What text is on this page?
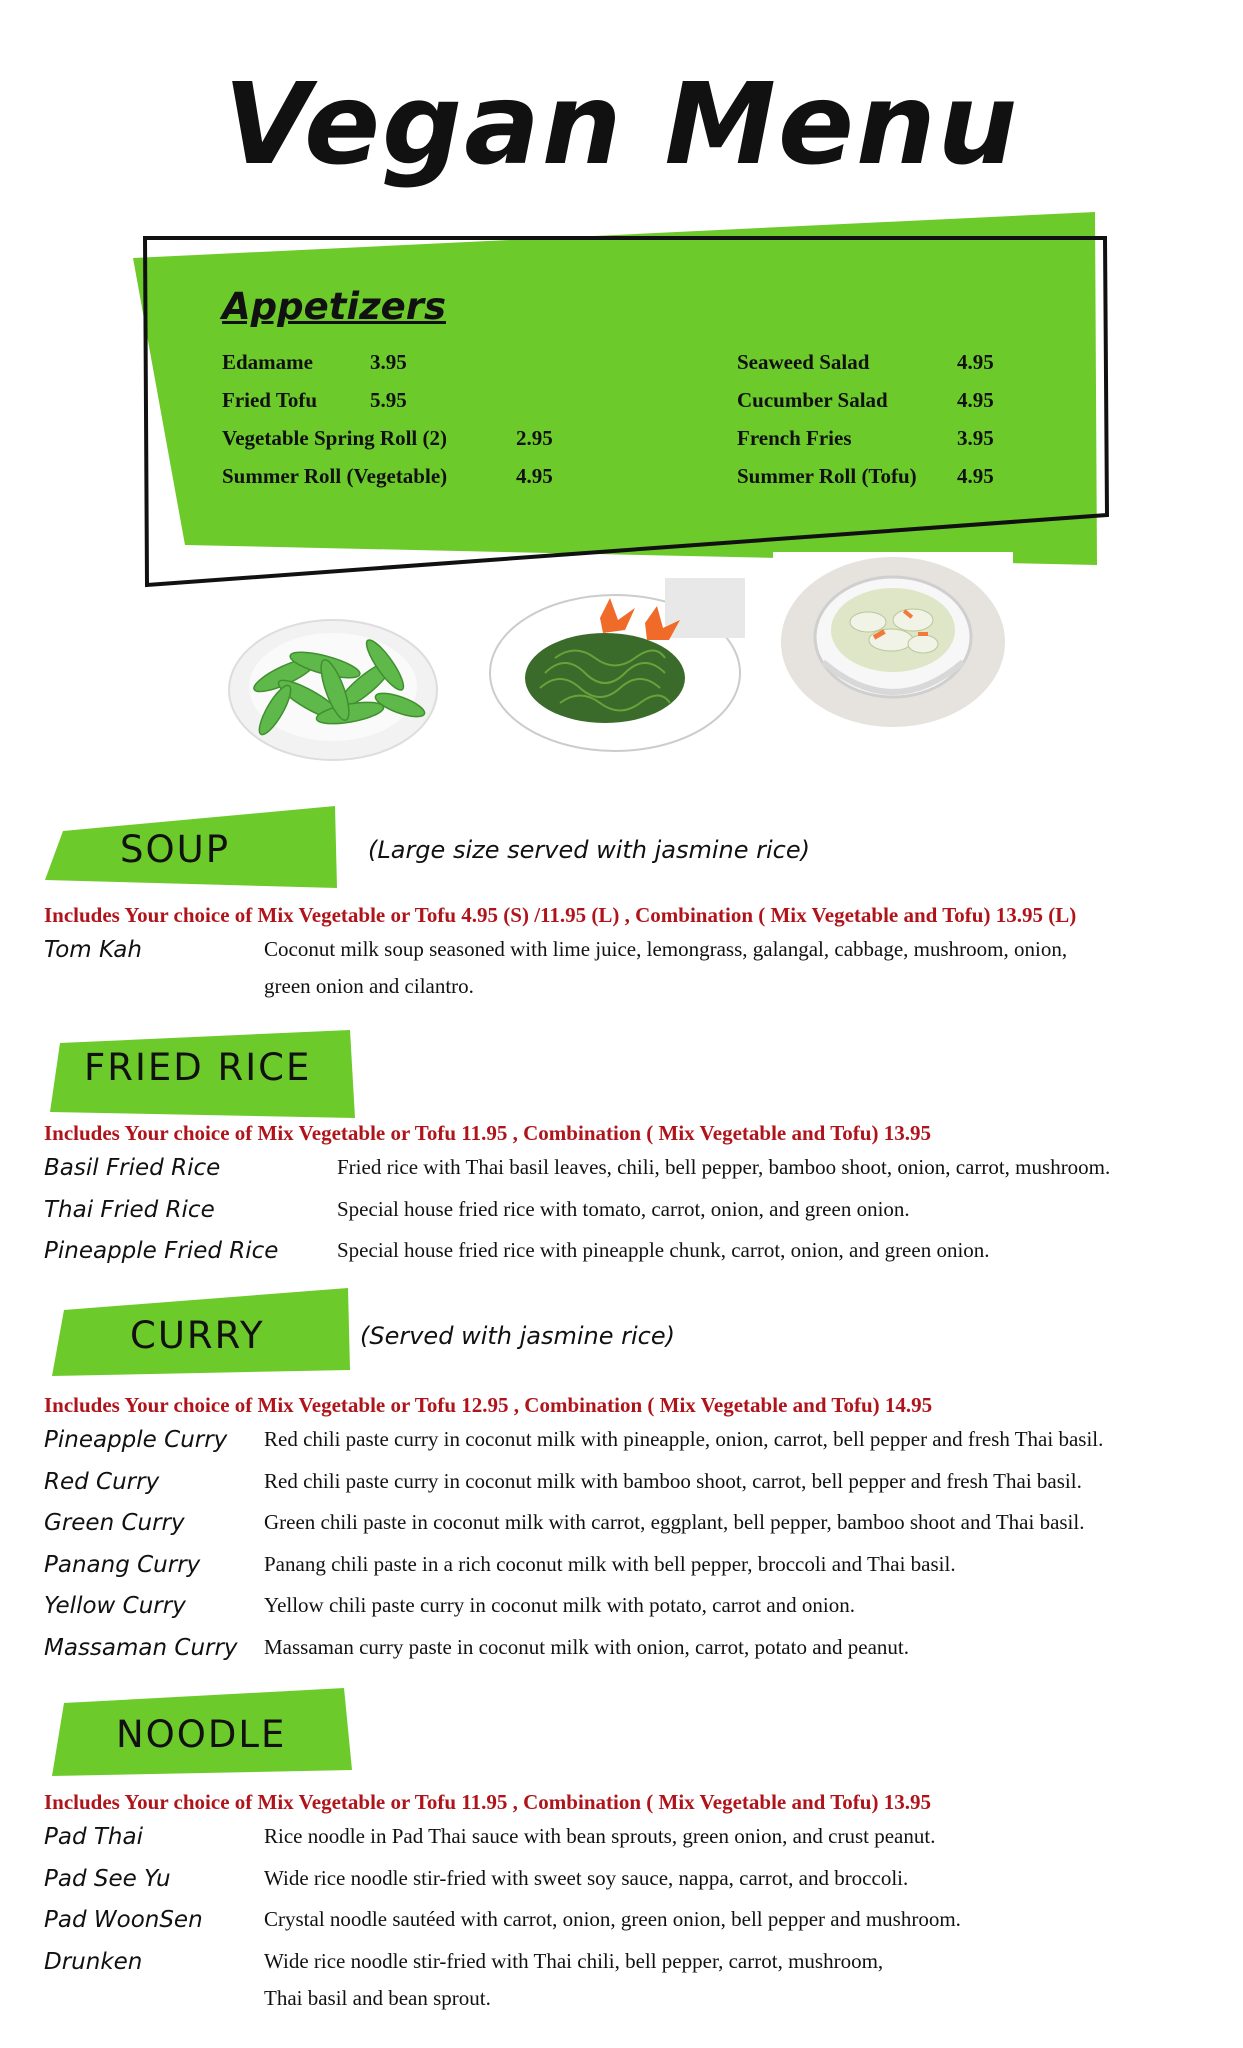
Vegan Menu
Appetizers
Edamame	3.95
Fried Tofu	5.95
Vegetable Spring Roll (2)	2.95
Summer Roll (Vegetable)	4.95
Seaweed Salad	4.95
Cucumber Salad	4.95
French Fries	3.95
Summer Roll (Tofu) 4.95
SOUP	(Large size served with jasmine rice)
Includes Your choice of Mix Vegetable or Tofu 4.95 (S) /11.95 (L) , Combination ( Mix Vegetable and Tofu) 13.95 (L)
Tom Kah	Coconut milk soup seasoned with lime juice, lemongrass, galangal, cabbage, mushroom, onion,
green onion and cilantro.
FRIED RICE
Includes Your choice of Mix Vegetable or Tofu 11.95 , Combination ( Mix Vegetable and Tofu) 13.95
Basil Fried Rice	Fried rice with Thai basil leaves, chili, bell pepper, bamboo shoot, onion, carrot, mushroom.
Thai Fried Rice	Special house fried rice with tomato, carrot, onion, and green onion.
Pineapple Fried Rice	Special house fried rice with pineapple chunk, carrot, onion, and green onion.
CURRY	(Served with jasmine rice)
Includes Your choice of Mix Vegetable or Tofu 12.95 , Combination ( Mix Vegetable and Tofu) 14.95
Pineapple Curry Red chili paste curry in coconut milk with pineapple, onion, carrot, bell pepper and fresh Thai basil.
Red Curry	Red chili paste curry in coconut milk with bamboo shoot, carrot, bell pepper and fresh Thai basil.
Green Curry	Green chili paste in coconut milk with carrot, eggplant, bell pepper, bamboo shoot and Thai basil.
Panang Curry	Panang chili paste in a rich coconut milk with bell pepper, broccoli and Thai basil.
Yellow Curry	Yellow chili paste curry in coconut milk with potato, carrot and onion.
Massaman Curry Massaman curry paste in coconut milk with onion, carrot, potato and peanut.
NOODLE
Includes Your choice of Mix Vegetable or Tofu 11.95 , Combination ( Mix Vegetable and Tofu) 13.95
Pad Thai	Rice noodle in Pad Thai sauce with bean sprouts, green onion, and crust peanut.
Pad See Yu	Wide rice noodle stir-fried with sweet soy sauce, nappa, carrot, and broccoli.
Pad WoonSen	Crystal noodle sautéed with carrot, onion, green onion, bell pepper and mushroom.
Drunken	Wide rice noodle stir-fried with Thai chili, bell pepper, carrot, mushroom,
Thai basil and bean sprout.
